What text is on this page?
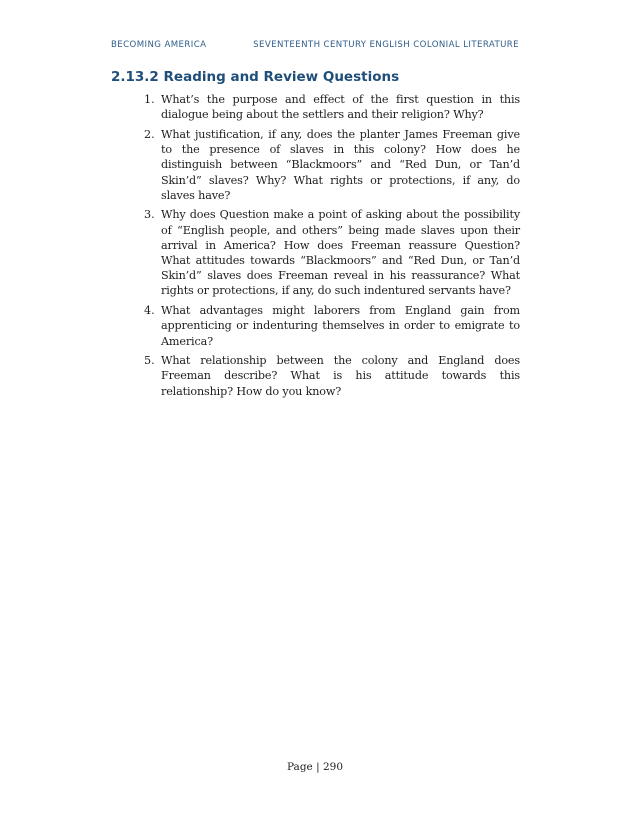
BECOMING AMERICA	SEVENTEENTH CENTURY ENGLISH COLONIAL LITERATURE
2.13.2 Reading and Review Questions
1. What’s the purpose and effect of the first question in this dialogue being about the settlers and their religion? Why?
2. What justification, if any, does the planter James Freeman give to the presence of slaves in this colony? How does he distinguish between “Blackmoors” and “Red Dun, or Tan’d Skin’d” slaves? Why? What rights or protections, if any, do slaves have?
3. Why does Question make a point of asking about the possibility of “English people, and others” being made slaves upon their arrival in America? How does Freeman reassure Question? What attitudes towards “Blackmoors” and “Red Dun, or Tan’d Skin’d” slaves does Freeman reveal in his reassurance? What rights or protections, if any, do such indentured servants have?
4. What advantages might laborers from England gain from apprenticing or indenturing themselves in order to emigrate to America?
5. What relationship between the colony and England does Freeman describe? What is his attitude towards this relationship? How do you know?
Page | 290
